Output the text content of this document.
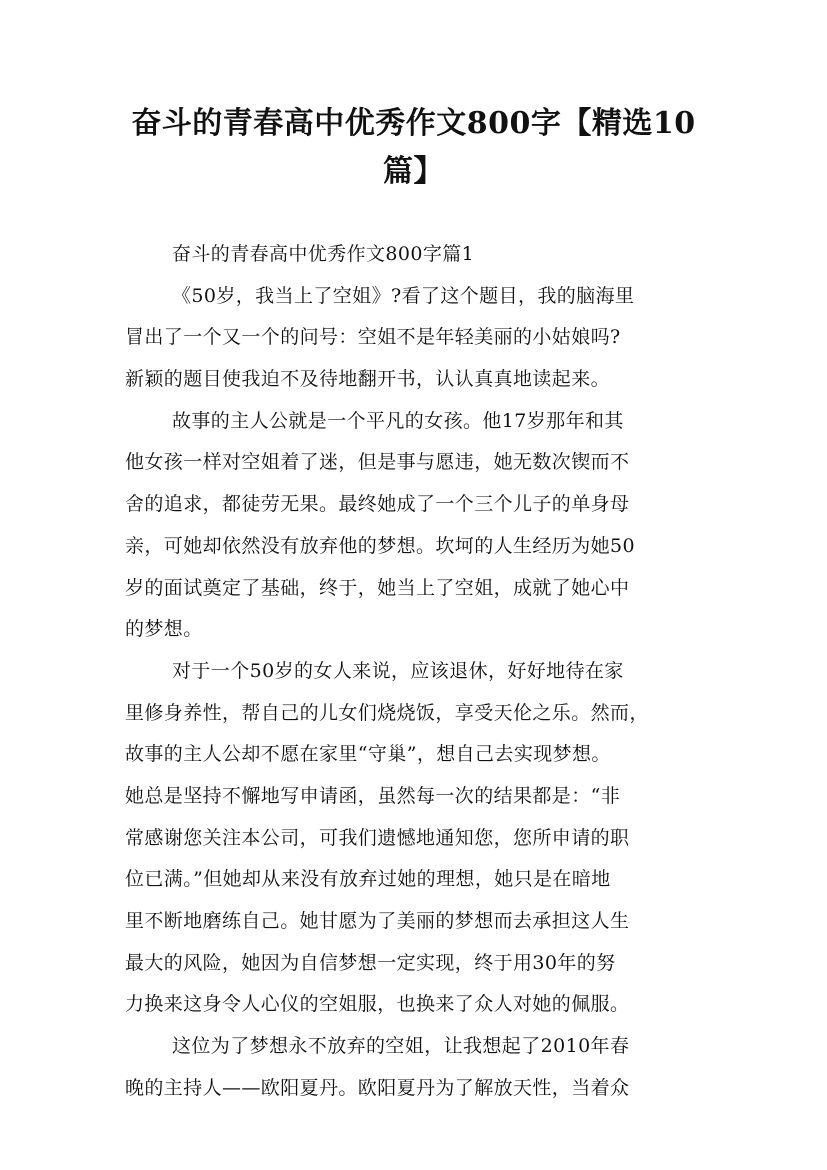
奋斗的青春高中优秀作文800字【精选10
篇】
奋斗的青春高中优秀作文800字篇1
《50岁，我当上了空姐》?看了这个题目，我的脑海里
冒出了一个又一个的问号：空姐不是年轻美丽的小姑娘吗?
新颖的题目使我迫不及待地翻开书，认认真真地读起来。
故事的主人公就是一个平凡的女孩。他17岁那年和其
他女孩一样对空姐着了迷，但是事与愿违，她无数次锲而不
舍的追求，都徒劳无果。最终她成了一个三个儿子的单身母
亲，可她却依然没有放弃他的梦想。坎坷的人生经历为她50
岁的面试奠定了基础，终于，她当上了空姐，成就了她心中
的梦想。
对于一个50岁的女人来说，应该退休，好好地待在家
里修身养性，帮自己的儿女们烧烧饭，享受天伦之乐。然而，
故事的主人公却不愿在家里“守巢”，想自己去实现梦想。
她总是坚持不懈地写申请函，虽然每一次的结果都是：“非
常感谢您关注本公司，可我们遗憾地通知您，您所申请的职
位已满。”但她却从来没有放弃过她的理想，她只是在暗地
里不断地磨练自己。她甘愿为了美丽的梦想而去承担这人生
最大的风险，她因为自信梦想一定实现，终于用30年的努
力换来这身令人心仪的空姐服，也换来了众人对她的佩服。
这位为了梦想永不放弃的空姐，让我想起了2010年春
晚的主持人——欧阳夏丹。欧阳夏丹为了解放天性，当着众
